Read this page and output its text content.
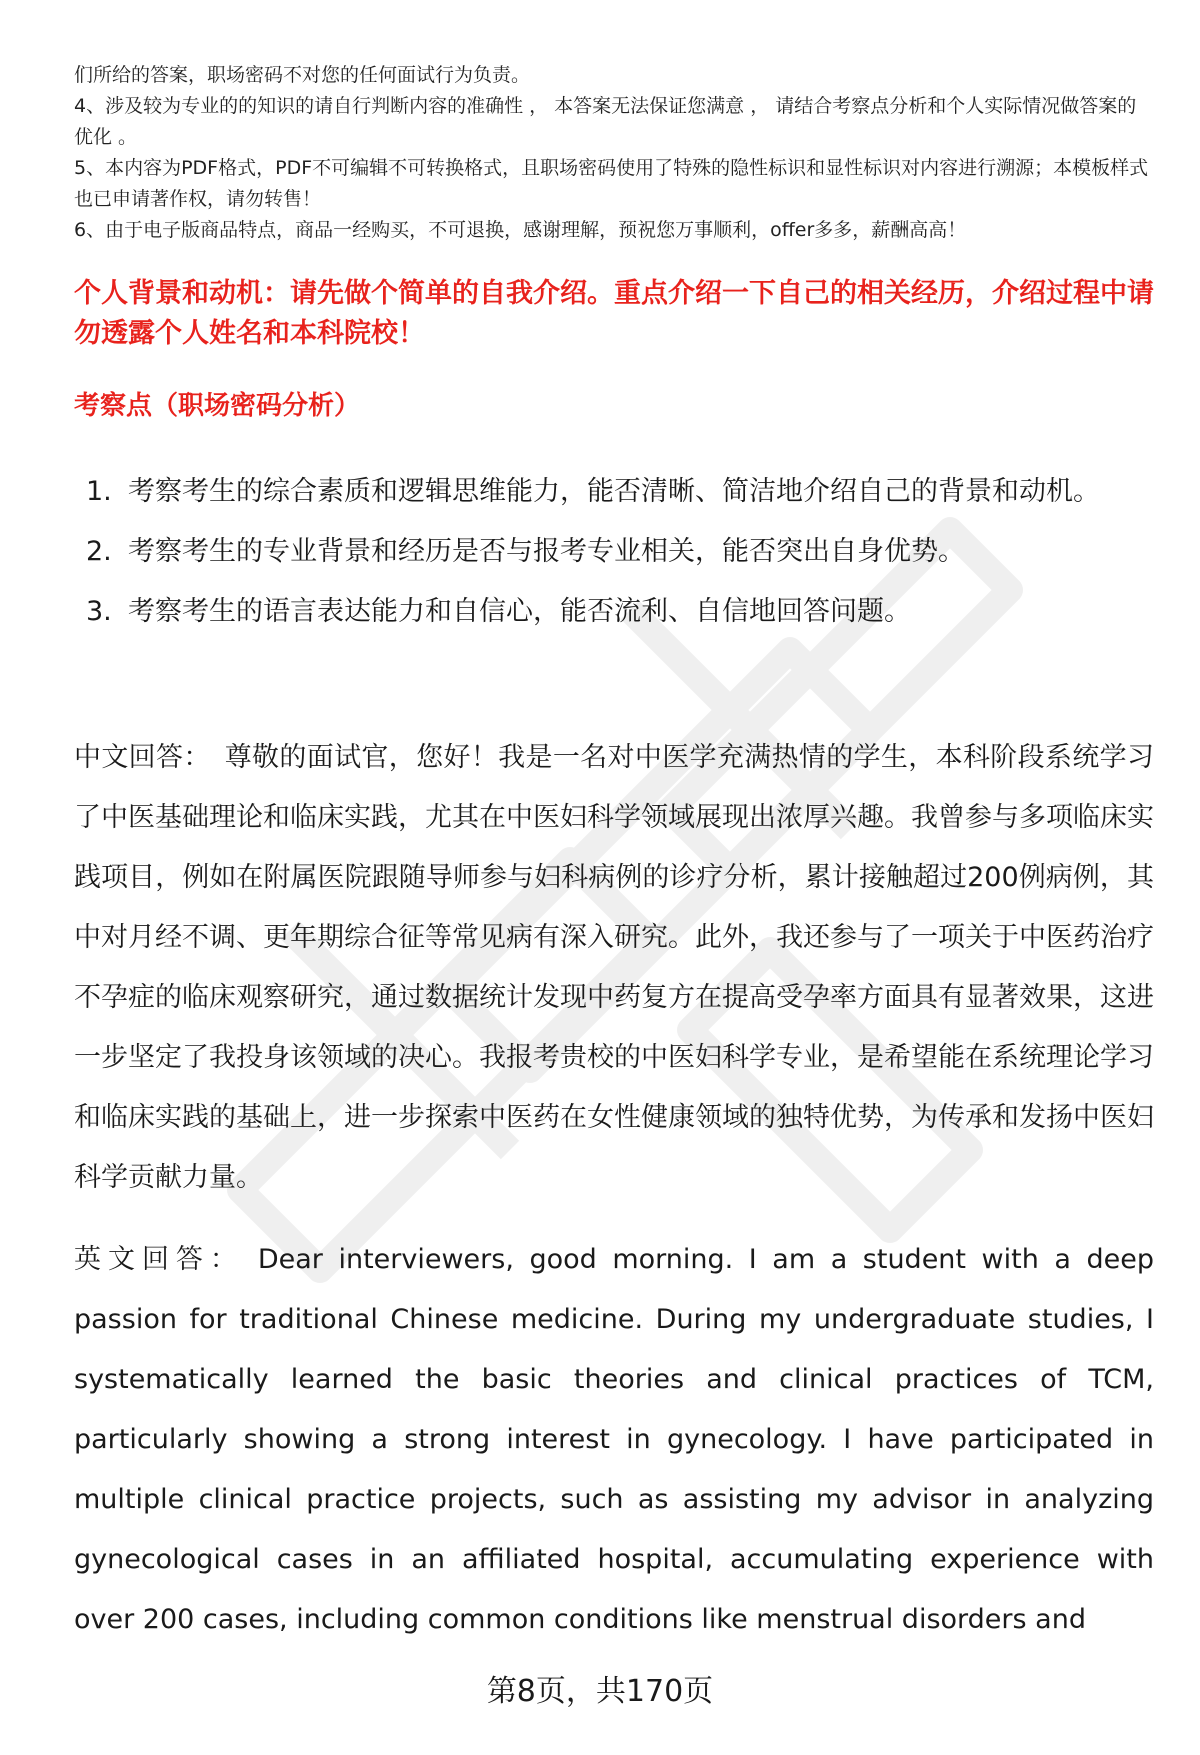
们所给的答案，职场密码不对您的任何面试行为负责。

4、涉及较为专业的的知识的请自行判断内容的准确性 ， 本答案无法保证您满意 ， 请结合考察点分析和个人实际情况做答案的优化 。

5、本内容为PDF格式，PDF不可编辑不可转换格式，且职场密码使用了特殊的隐性标识和显性标识对内容进行溯源；本模板样式也已申请著作权，请勿转售！

6、由于电子版商品特点，商品一经购买，不可退换，感谢理解，预祝您万事顺利，offer多多，薪酬高高！

个人背景和动机：请先做个简单的自我介绍。重点介绍一下自己的相关经历，介绍过程中请勿透露个人姓名和本科院校！
考察点（职场密码分析）
1. 考察考生的综合素质和逻辑思维能力，能否清晰、简洁地介绍自己的背景和动机。
2. 考察考生的专业背景和经历是否与报考专业相关，能否突出自身优势。
3. 考察考生的语言表达能力和自信心，能否流利、自信地回答问题。

中文回答： 尊敬的面试官，您好！我是一名对中医学充满热情的学生，本科阶段系统学习了中医基础理论和临床实践，尤其在中医妇科学领域展现出浓厚兴趣。我曾参与多项临床实践项目，例如在附属医院跟随导师参与妇科病例的诊疗分析，累计接触超过200例病例，其中对月经不调、更年期综合征等常见病有深入研究。此外，我还参与了一项关于中医药治疗不孕症的临床观察研究，通过数据统计发现中药复方在提高受孕率方面具有显著效果，这进一步坚定了我投身该领域的决心。我报考贵校的中医妇科学专业，是希望能在系统理论学习和临床实践的基础上，进一步探索中医药在女性健康领域的独特优势，为传承和发扬中医妇科学贡献力量。

英文回答： Dear interviewers, good morning. I am a student with a deep passion for traditional Chinese medicine. During my undergraduate studies, I systematically learned the basic theories and clinical practices of TCM, particularly showing a strong interest in gynecology. I have participated in multiple clinical practice projects, such as assisting my advisor in analyzing gynecological cases in an affiliated hospital, accumulating experience with over 200 cases, including common conditions like menstrual disorders and

第8页，共170页
